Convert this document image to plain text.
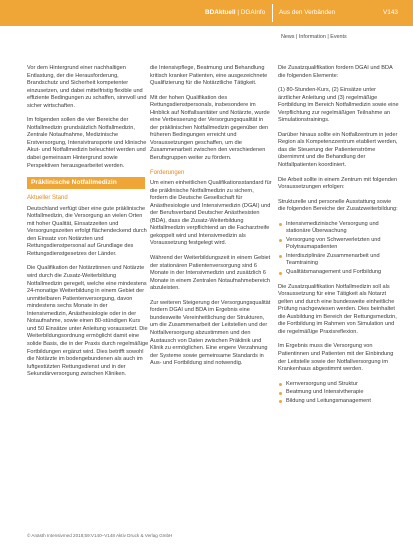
BDAktuell | DGAInfo Aus den Verbänden	V143
News | Information | Events

Vor dem Hintergrund einer nachhaltigen Entlastung, der die Herausforderung, Brandschutz und Sicherheit kompetenter einzusetzen, und dabei mittelfristig flexible und effiziente Bedingungen zu schaffen, sinnvoll und sicher wirtschaften.

Im folgenden sollen die vier Bereiche der Notfallmedizin grundsätzlich Notfallmedizin, Zentrale Notaufnahme, Medizinische Erstversorgung, Intensivtransporte und klinische Akut- und Notfallmedizin beleuchtet werden und dabei gemeinsam Hintergrund sowie Perspektiven herausgearbeitet werden.

Präklinische Notfallmedizin
Aktueller Stand

Deutschland verfügt über eine gute präklinische Notfallmedizin, die Versorgung an vielen Orten mit hoher Qualität, Einsatzzeiten und Versorgungszeiten erfolgt flächendeckend durch den Einsatz von Notärzten und Rettungsdienstpersonal auf Grundlage des Rettungsdienstgesetzes der Länder.

Die Qualifikation der Notärztinnen und Notärzte wird durch die Zusatz-Weiterbildung Notfallmedizin geregelt, welche eine mindestens 24-monatige Weiterbildung in einem Gebiet der unmittelbaren Patientenversorgung, davon mindestens sechs Monate in der Intensivmedizin, Anästhesiologie oder in der Notaufnahme, sowie einen 80-stündigen Kurs und 50 Einsätze unter Anleitung voraussetzt. Die Weiterbildungsordnung ermöglicht damit eine solide Basis, die in der Praxis durch regelmäßige Fortbildungen ergänzt wird. Dies betrifft sowohl die Notärzte im bodengebundenen als auch im luftgestützten Rettungsdienst und in der Sekundärversorgung zwischen Kliniken.

die Intensivpflege, Beatmung und Behandlung kritisch kranker Patienten, eine ausgezeichnete Qualifizierung für die Notärztliche Tätigkeit.

Mit der hohen Qualifikation des Rettungsdienstpersonals, insbesondere im Hinblick auf Notfallsanitäter und Notärzte, wurde eine Verbesserung der Versorgungsqualität in der präklinischen Notfallmedizin gegenüber den früheren Bedingungen erreicht und Voraussetzungen geschaffen, um die Zusammenarbeit zwischen den verschiedenen Berufsgruppen weiter zu fördern.

Forderungen

Um einen einheitlichen Qualifikationsstandard für die präklinische Notfallmedizin zu sichern, fordern die Deutsche Gesellschaft für Anästhesiologie und Intensivmedizin (DGAI) und der Berufsverband Deutscher Anästhesisten (BDA), dass die Zusatz-Weiterbildung Notfallmedizin verpflichtend an die Facharztreife gekoppelt wird und Intensivmedizin als Voraussetzung festgelegt wird.

Während der Weiterbildungszeit in einem Gebiet der stationären Patientenversorgung sind 6 Monate in der Intensivmedizin und zusätzlich 6 Monate in einem Zentralen Notaufnahmebereich abzuleisten.

Zur weiteren Steigerung der Versorgungsqualität fordern DGAI und BDA im Ergebnis eine bundesweite Vereinheitlichung der Strukturen, um die Zusammenarbeit der Leitstellen und der Notfallversorgung abzustimmen und den Austausch von Daten zwischen Präklinik und Klinik zu ermöglichen. Eine engere Verzahnung der Systeme sowie gemeinsame Standards in Aus- und Fortbildung sind notwendig.

Die Zusatzqualifikation fordern DGAI und BDA die folgenden Elemente:

(1) 80-Stunden-Kurs, (2) Einsätze unter ärztlicher Anleitung und (3) regelmäßige Fortbildung im Bereich Notfallmedizin sowie eine Verpflichtung zur regelmäßigen Teilnahme an Simulationstrainings.

Darüber hinaus sollte ein Notfallzentrum in jeder Region als Kompetenzzentrum etabliert werden, das die Steuerung der Patientenströme übernimmt und die Behandlung der Notfallpatienten koordiniert.

Die Arbeit sollte in einem Zentrum mit folgenden Voraussetzungen erfolgen:

Strukturelle und personelle Ausstattung sowie die folgenden Bereiche der Zusatzweiterbildung:

Intensivmedizinische Versorgung und stationäre Überwachung
Versorgung von Schwerverletzten und Polytraumapatienten
Interdisziplinäre Zusammenarbeit und Teamtraining
Qualitätsmanagement und Fortbildung

Die Zusatzqualifikation Notfallmedizin soll als Voraussetzung für eine Tätigkeit als Notarzt gelten und durch eine bundesweite einheitliche Prüfung nachgewiesen werden. Dies beinhaltet die Ausbildung im Bereich der Rettungsmedizin, die Fortbildung im Rahmen von Simulation und die regelmäßige Praxisreflexion.

Im Ergebnis muss die Versorgung von Patientinnen und Patienten mit der Einbindung der Leitstelle sowie der Notfallversorgung im Krankenhaus abgestimmt werden.

Kernversorgung und Struktur
Beatmung und Intensivtherapie
Bildung und Leitungsmanagement
© Anästh Intensivmed 2018;59:V140–V148 Aktiv Druck & Verlag GmbH
